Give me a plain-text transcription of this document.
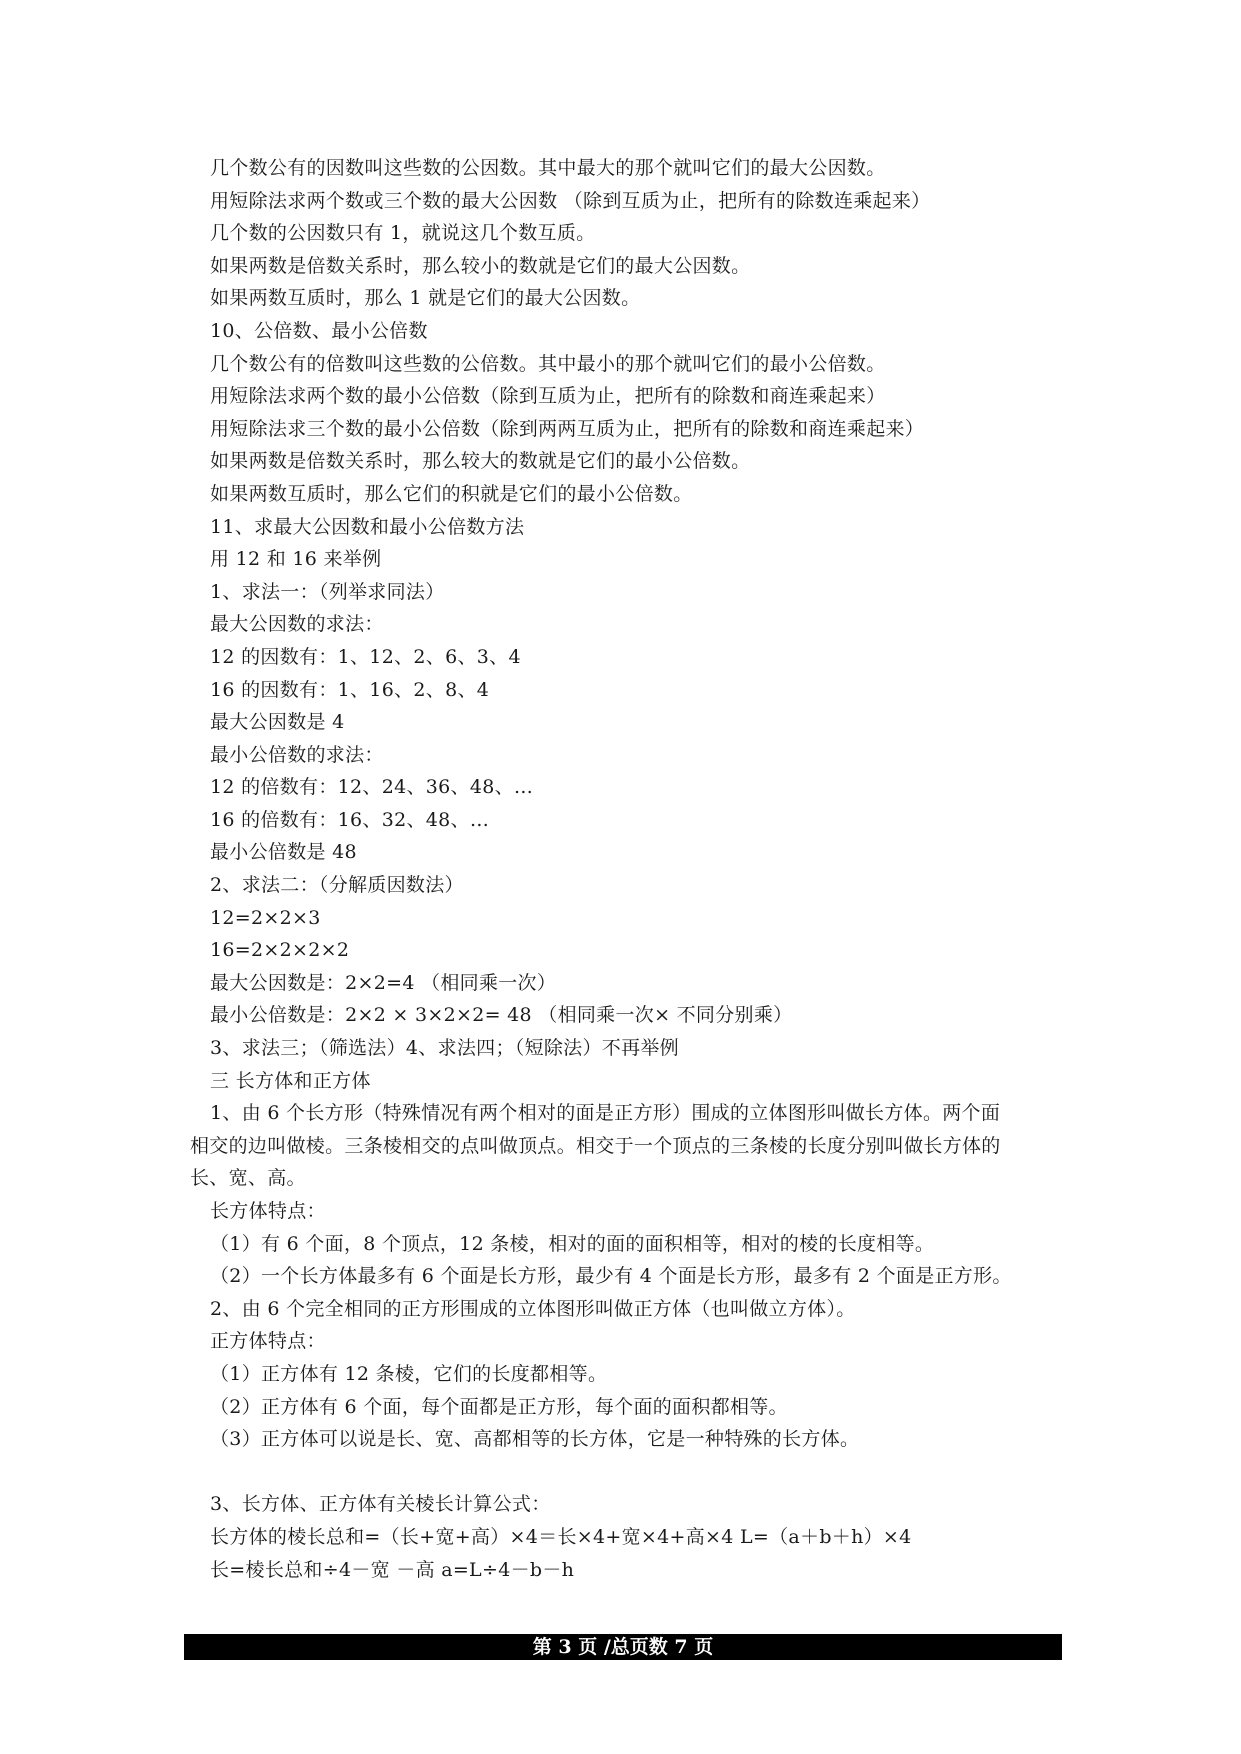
几个数公有的因数叫这些数的公因数。其中最大的那个就叫它们的最大公因数。
用短除法求两个数或三个数的最大公因数 （除到互质为止，把所有的除数连乘起来）
几个数的公因数只有 1，就说这几个数互质。
如果两数是倍数关系时，那么较小的数就是它们的最大公因数。
如果两数互质时，那么 1 就是它们的最大公因数。
10、公倍数、最小公倍数
几个数公有的倍数叫这些数的公倍数。其中最小的那个就叫它们的最小公倍数。
用短除法求两个数的最小公倍数（除到互质为止，把所有的除数和商连乘起来）
用短除法求三个数的最小公倍数（除到两两互质为止，把所有的除数和商连乘起来）
如果两数是倍数关系时，那么较大的数就是它们的最小公倍数。
如果两数互质时，那么它们的积就是它们的最小公倍数。
11、求最大公因数和最小公倍数方法
用 12 和 16 来举例
1、求法一：（列举求同法）
最大公因数的求法：
12 的因数有：1、12、2、6、3、4
16 的因数有：1、16、2、8、4
最大公因数是 4
最小公倍数的求法：
12 的倍数有：12、24、36、48、…
16 的倍数有：16、32、48、…
最小公倍数是 48
2、求法二：（分解质因数法）
12=2×2×3
16=2×2×2×2
最大公因数是：2×2=4 （相同乘一次）
最小公倍数是：2×2 × 3×2×2= 48 （相同乘一次× 不同分别乘）
3、求法三；（筛选法）4、求法四；（短除法）不再举例
三 长方体和正方体
1、由 6 个长方形（特殊情况有两个相对的面是正方形）围成的立体图形叫做长方体。两个面
相交的边叫做棱。三条棱相交的点叫做顶点。相交于一个顶点的三条棱的长度分别叫做长方体的
长、宽、高。
长方体特点：
（1）有 6 个面，8 个顶点，12 条棱，相对的面的面积相等，相对的棱的长度相等。
（2）一个长方体最多有 6 个面是长方形，最少有 4 个面是长方形，最多有 2 个面是正方形。
2、由 6 个完全相同的正方形围成的立体图形叫做正方体（也叫做立方体）。
正方体特点：
（1）正方体有 12 条棱，它们的长度都相等。
（2）正方体有 6 个面，每个面都是正方形，每个面的面积都相等。
（3）正方体可以说是长、宽、高都相等的长方体，它是一种特殊的长方体。
3、长方体、正方体有关棱长计算公式：
长方体的棱长总和=（长+宽+高）×4＝长×4+宽×4+高×4 L=（a＋b＋h）×4
长=棱长总和÷4－宽 －高 a=L÷4－b－h
第 3 页 /总页数 7 页
